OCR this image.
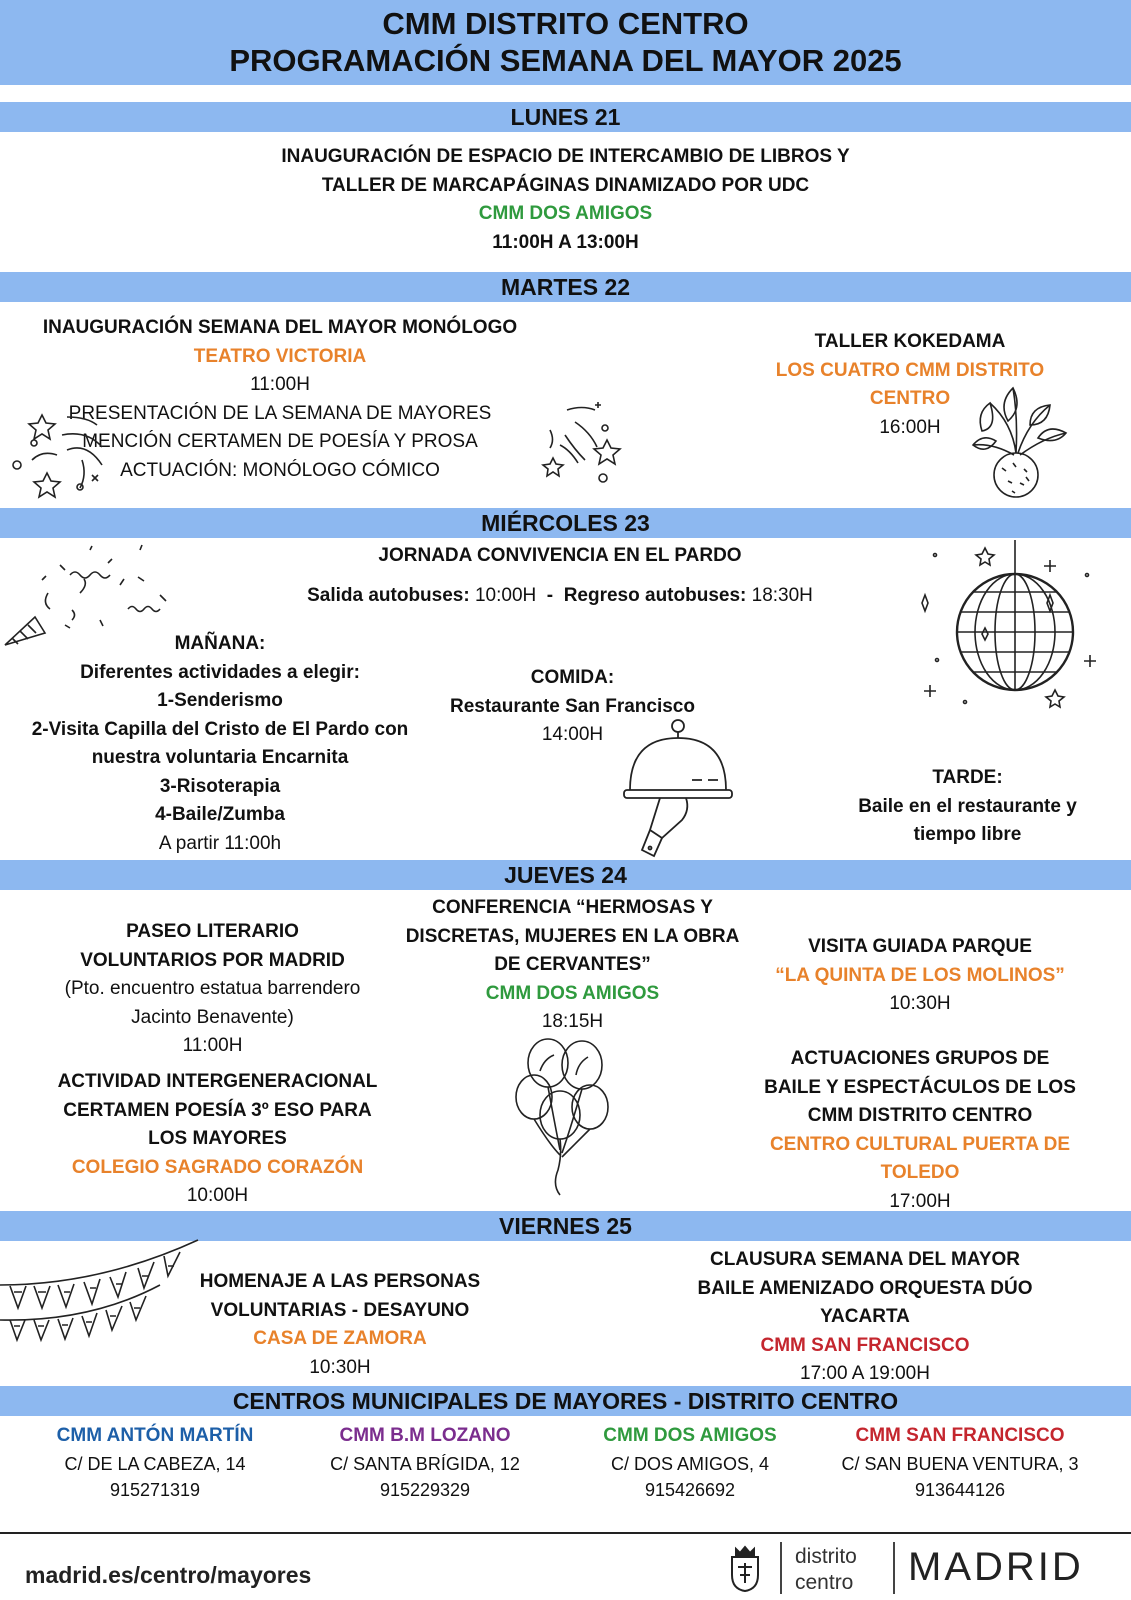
CMM DISTRITO CENTRO
PROGRAMACIÓN SEMANA DEL MAYOR 2025
LUNES 21
INAUGURACIÓN DE ESPACIO DE INTERCAMBIO DE LIBROS Y
TALLER DE MARCAPÁGINAS DINAMIZADO POR UDC
CMM DOS AMIGOS
11:00H A 13:00H
MARTES 22
INAUGURACIÓN SEMANA DEL MAYOR MONÓLOGO
TEATRO VICTORIA
11:00H
PRESENTACIÓN DE LA SEMANA DE MAYORES
MENCIÓN CERTAMEN DE POESÍA Y PROSA
ACTUACIÓN: MONÓLOGO CÓMICO
TALLER KOKEDAMA
LOS CUATRO CMM DISTRITO
CENTRO
16:00H
MIÉRCOLES 23
JORNADA CONVIVENCIA EN EL PARDO
Salida autobuses: 10:00H  -  Regreso autobuses: 18:30H
MAÑANA:
Diferentes actividades a elegir:
1-Senderismo
2-Visita Capilla del Cristo de El Pardo con
nuestra voluntaria Encarnita
3-Risoterapia
4-Baile/Zumba
A partir 11:00h
COMIDA:
Restaurante San Francisco
14:00H
TARDE:
Baile en el restaurante y
tiempo libre
JUEVES 24
PASEO LITERARIO
VOLUNTARIOS POR MADRID
(Pto. encuentro estatua barrendero
Jacinto Benavente)
11:00H
ACTIVIDAD INTERGENERACIONAL
CERTAMEN POESÍA 3º ESO PARA
LOS MAYORES
COLEGIO SAGRADO CORAZÓN
10:00H
CONFERENCIA “HERMOSAS Y
DISCRETAS, MUJERES EN LA OBRA
DE CERVANTES”
CMM DOS AMIGOS
18:15H
VISITA GUIADA PARQUE
“LA QUINTA DE LOS MOLINOS”
10:30H
ACTUACIONES GRUPOS DE
BAILE Y ESPECTÁCULOS DE LOS
CMM DISTRITO CENTRO
CENTRO CULTURAL PUERTA DE
TOLEDO
17:00H
VIERNES 25
HOMENAJE A LAS PERSONAS
VOLUNTARIAS - DESAYUNO
CASA DE ZAMORA
10:30H
CLAUSURA SEMANA DEL MAYOR
BAILE AMENIZADO ORQUESTA DÚO
YACARTA
CMM SAN FRANCISCO
17:00 A 19:00H
CENTROS MUNICIPALES DE MAYORES - DISTRITO CENTRO
CMM ANTÓN MARTÍN
C/ DE LA CABEZA, 14
915271319
CMM B.M LOZANO
C/ SANTA BRÍGIDA, 12
915229329
CMM DOS AMIGOS
C/ DOS AMIGOS, 4
915426692
CMM SAN FRANCISCO
C/ SAN BUENA VENTURA, 3
913644126
madrid.es/centro/mayores
distrito
centro MADRID
